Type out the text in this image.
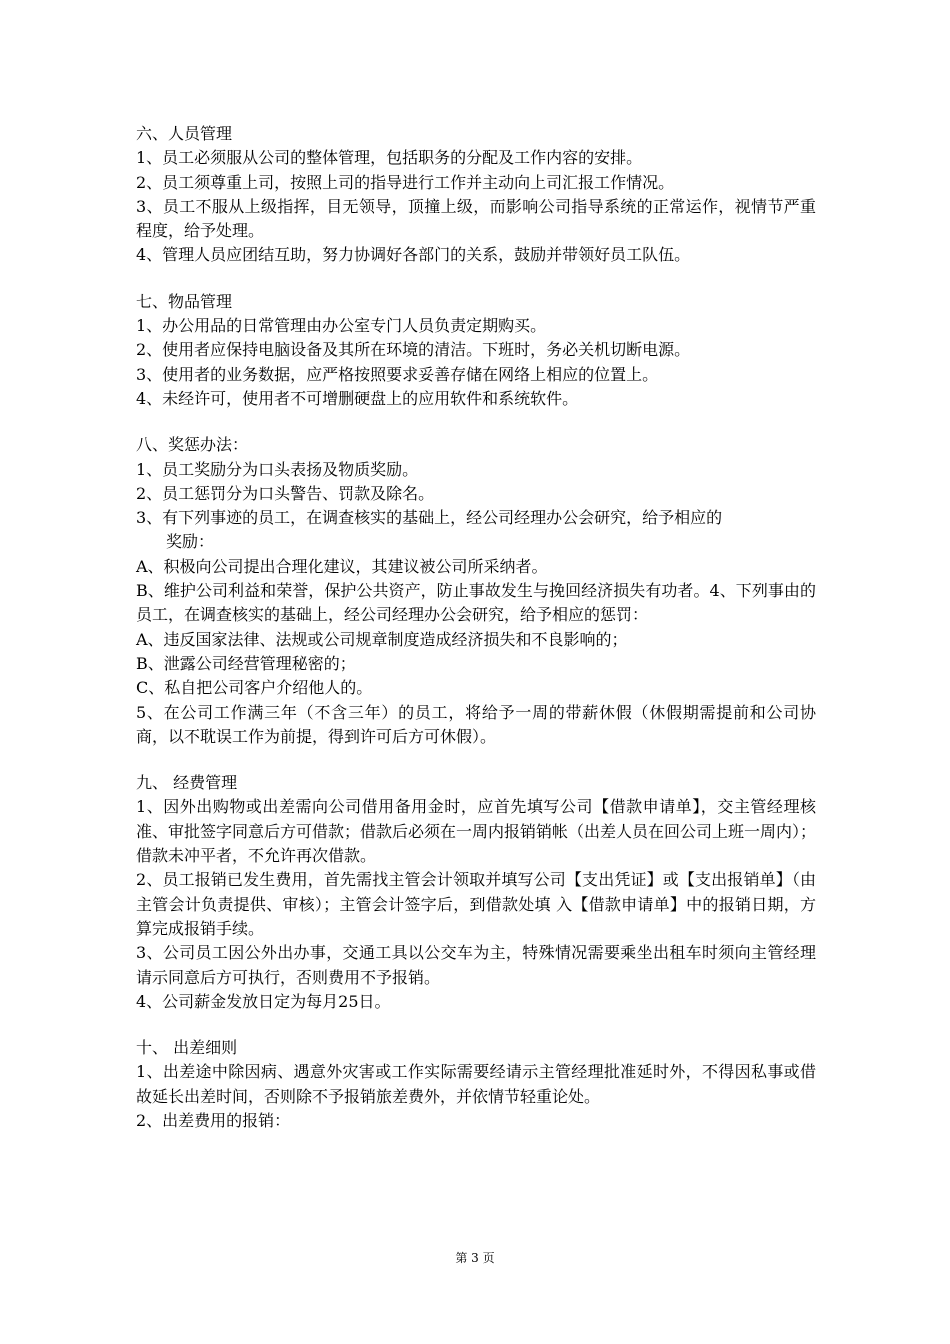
六、人员管理
1、员工必须服从公司的整体管理，包括职务的分配及工作内容的安排。
2、员工须尊重上司，按照上司的指导进行工作并主动向上司汇报工作情况。
3、员工不服从上级指挥，目无领导，顶撞上级，而影响公司指导系统的正常运作，视情节严重程度，给予处理。
4、管理人员应团结互助，努力协调好各部门的关系，鼓励并带领好员工队伍。
七、物品管理
1、办公用品的日常管理由办公室专门人员负责定期购买。
2、使用者应保持电脑设备及其所在环境的清洁。下班时，务必关机切断电源。
3、使用者的业务数据，应严格按照要求妥善存储在网络上相应的位置上。
4、未经许可，使用者不可增删硬盘上的应用软件和系统软件。
八、奖惩办法：
1、员工奖励分为口头表扬及物质奖励。
2、员工惩罚分为口头警告、罚款及除名。
3、有下列事迹的员工，在调查核实的基础上，经公司经理办公会研究，给予相应的
奖励：
A、积极向公司提出合理化建议，其建议被公司所采纳者。
B、维护公司利益和荣誉，保护公共资产，防止事故发生与挽回经济损失有功者。4、下列事由的员工，在调查核实的基础上，经公司经理办公会研究，给予相应的惩罚：
A、违反国家法律、法规或公司规章制度造成经济损失和不良影响的；
B、泄露公司经营管理秘密的；
C、私自把公司客户介绍他人的。
5、在公司工作满三年（不含三年）的员工，将给予一周的带薪休假（休假期需提前和公司协商，以不耽误工作为前提，得到许可后方可休假）。
九、 经费管理
1、因外出购物或出差需向公司借用备用金时，应首先填写公司【借款申请单】，交主管经理核准、审批签字同意后方可借款；借款后必须在一周内报销销帐（出差人员在回公司上班一周内）；借款未冲平者，不允许再次借款。
2、员工报销已发生费用，首先需找主管会计领取并填写公司【支出凭证】或【支出报销单】（由主管会计负责提供、审核）；主管会计签字后，到借款处填 入【借款申请单】中的报销日期，方算完成报销手续。
3、公司员工因公外出办事，交通工具以公交车为主，特殊情况需要乘坐出租车时须向主管经理请示同意后方可执行，否则费用不予报销。
4、公司薪金发放日定为每月25日。
十、 出差细则
1、出差途中除因病、遇意外灾害或工作实际需要经请示主管经理批准延时外，不得因私事或借故延长出差时间，否则除不予报销旅差费外，并依情节轻重论处。
2、出差费用的报销：
第 3 页
